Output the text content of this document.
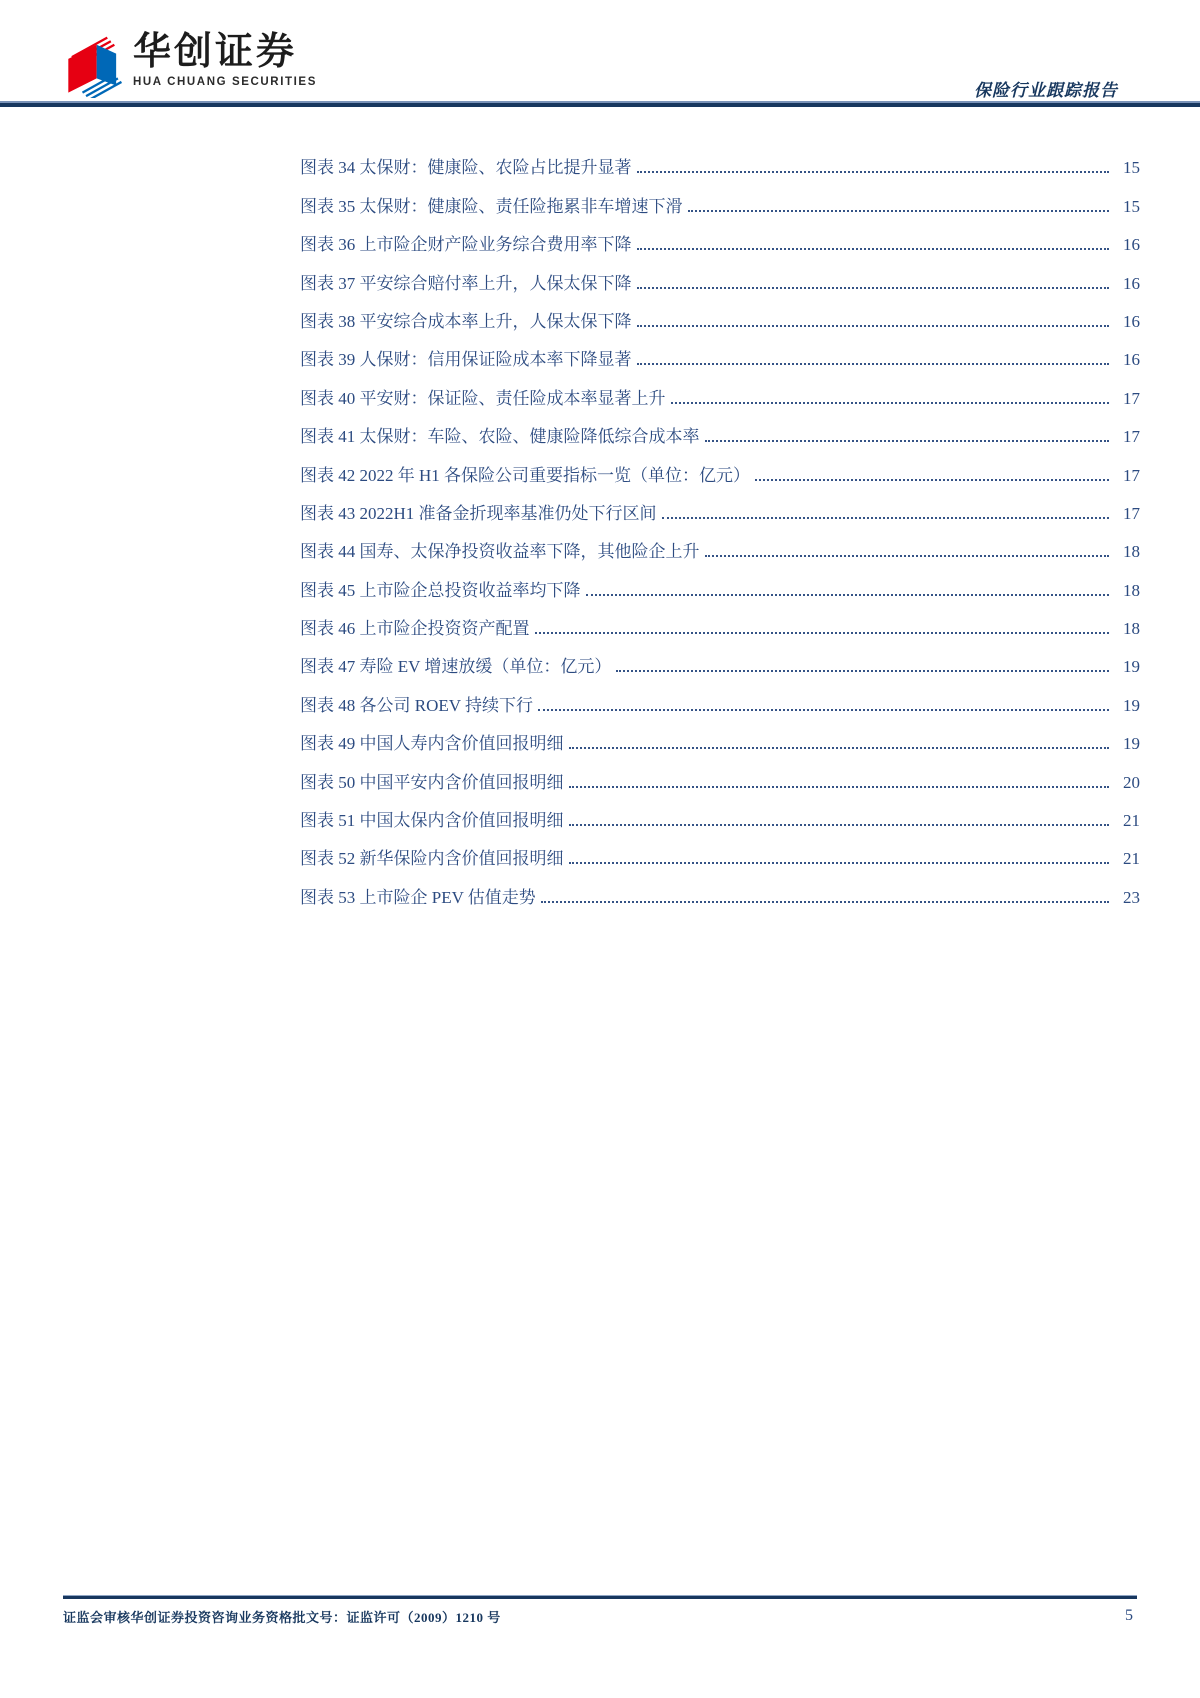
华创证券
HUA CHUANG SECURITIES	保险行业跟踪报告
图表 34 太保财：健康险、农险占比提升显著	15
图表 35 太保财：健康险、责任险拖累非车增速下滑	15
图表 36 上市险企财产险业务综合费用率下降	16
图表 37 平安综合赔付率上升，人保太保下降	16
图表 38 平安综合成本率上升，人保太保下降	16
图表 39 人保财：信用保证险成本率下降显著	16
图表 40 平安财：保证险、责任险成本率显著上升	17
图表 41 太保财：车险、农险、健康险降低综合成本率	17
图表 42 2022 年 H1 各保险公司重要指标一览（单位：亿元）	17
图表 43 2022H1 准备金折现率基准仍处下行区间	17
图表 44 国寿、太保净投资收益率下降，其他险企上升	18
图表 45 上市险企总投资收益率均下降	18
图表 46 上市险企投资资产配置	18
图表 47 寿险 EV 增速放缓（单位：亿元）	19
图表 48 各公司 ROEV 持续下行	19
图表 49 中国人寿内含价值回报明细	19
图表 50 中国平安内含价值回报明细	20
图表 51 中国太保内含价值回报明细	21
图表 52 新华保险内含价值回报明细	21
图表 53 上市险企 PEV 估值走势	23
证监会审核华创证券投资咨询业务资格批文号：证监许可（2009）1210 号	5
